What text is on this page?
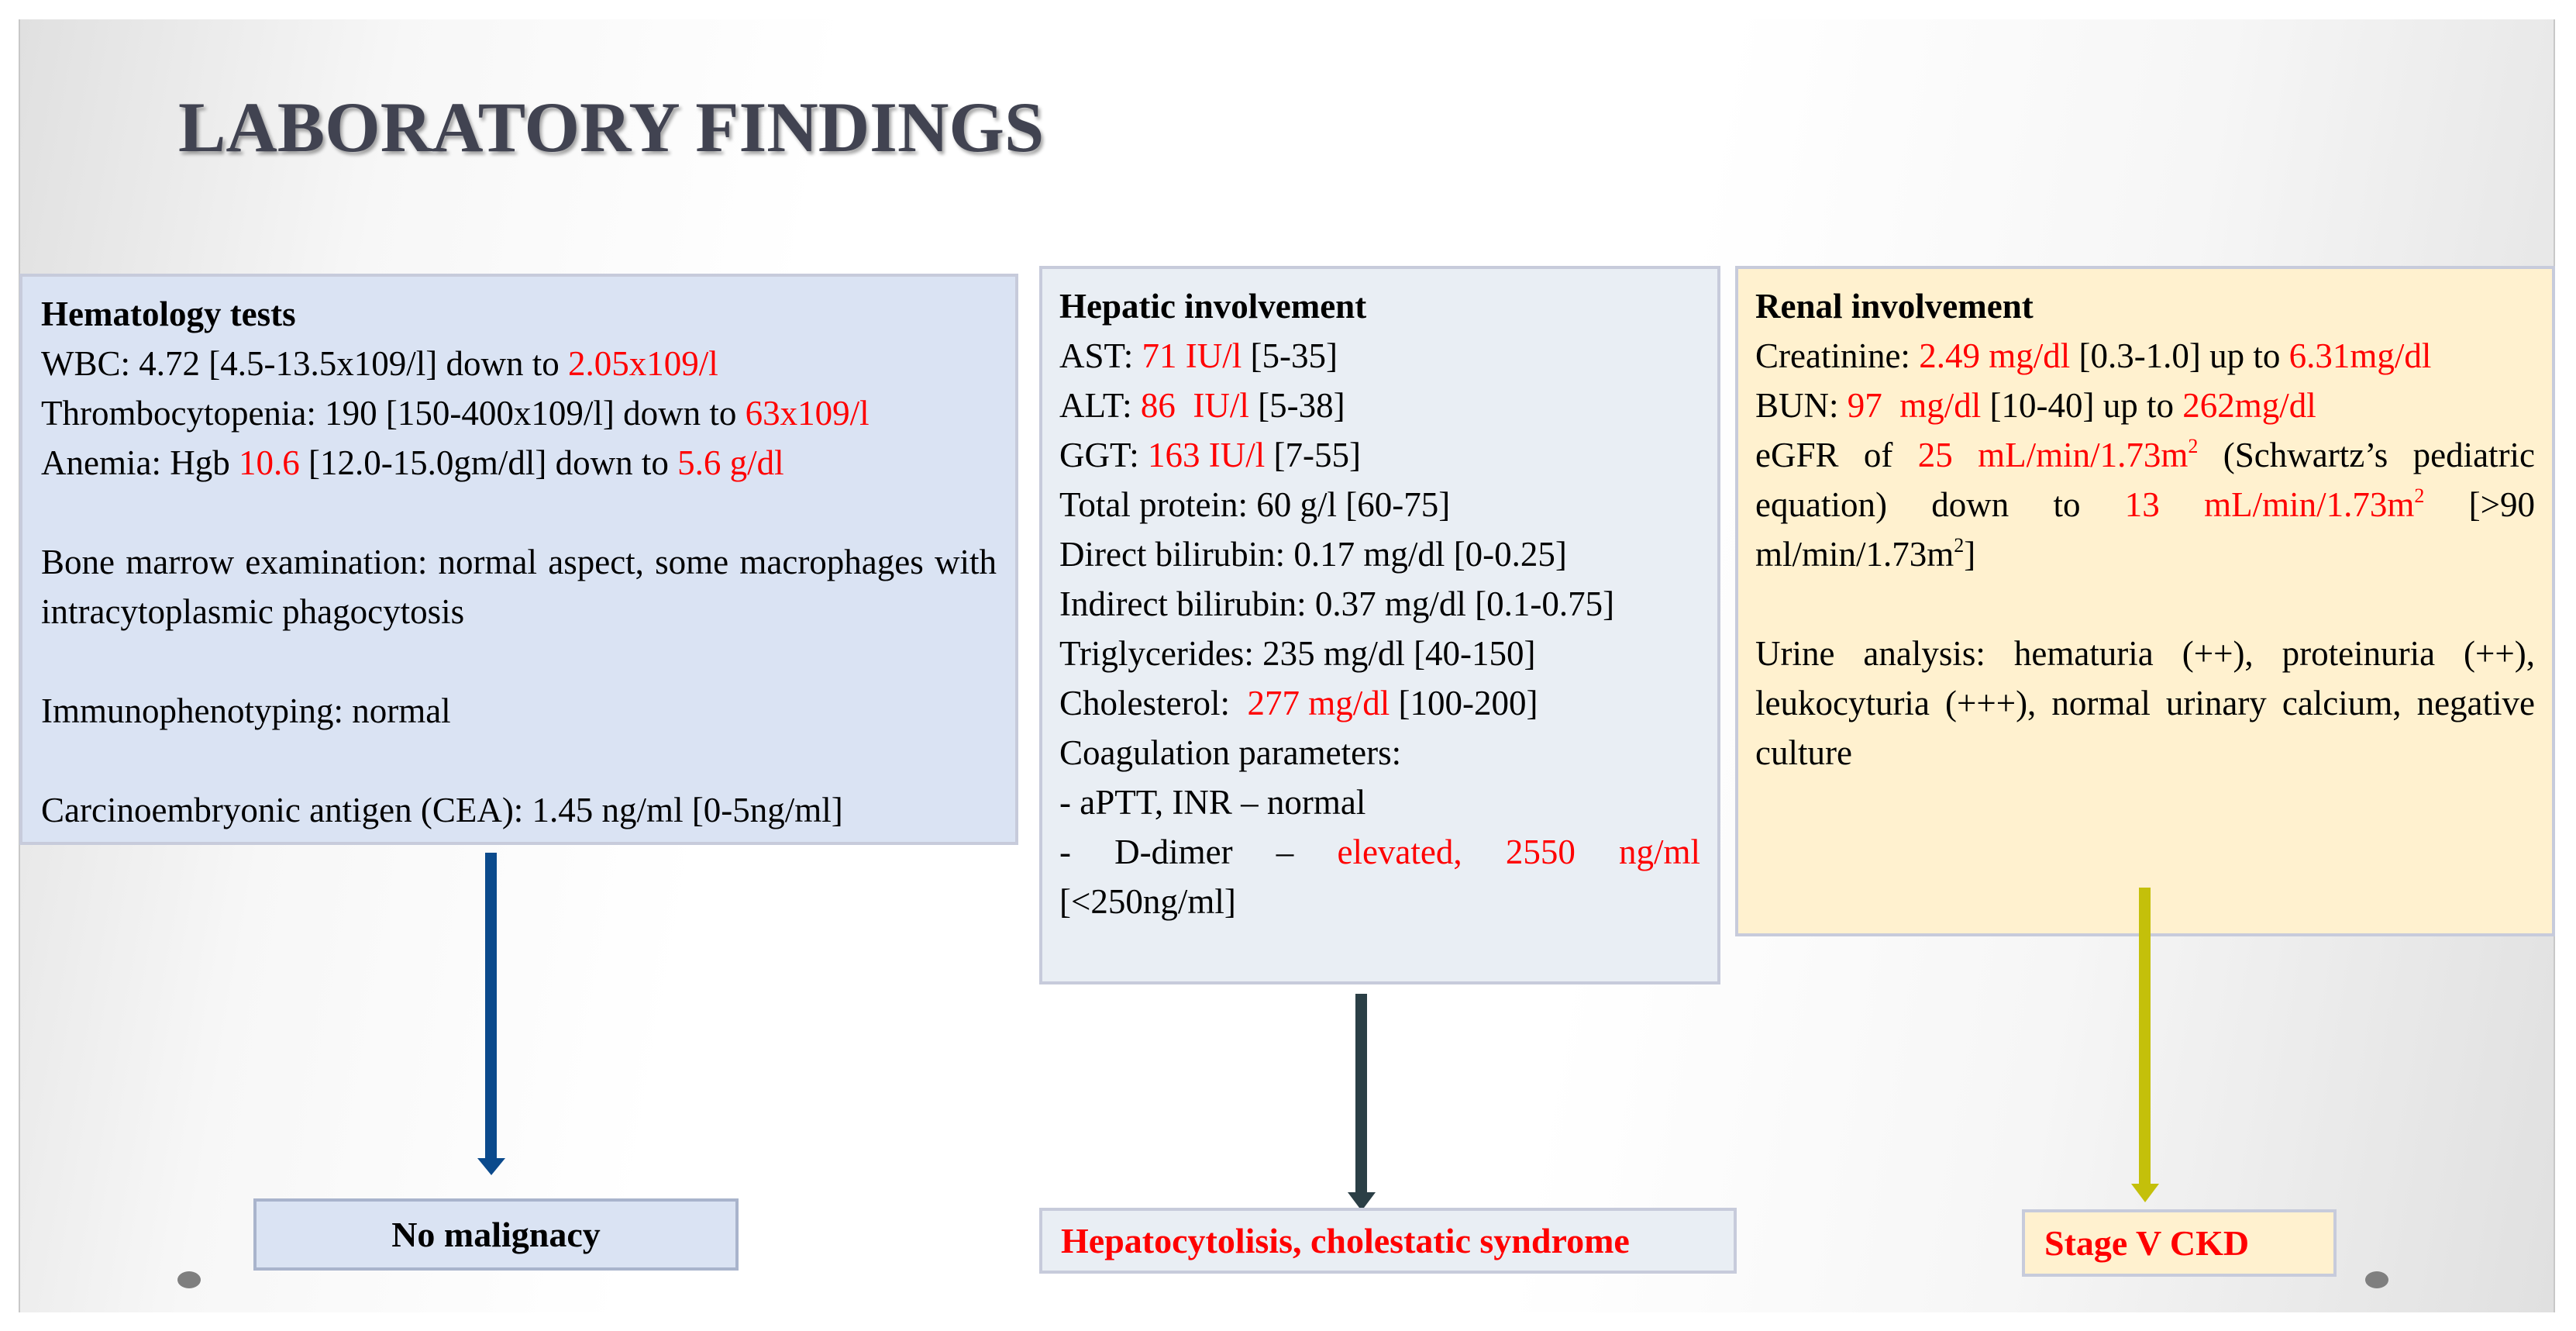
LABORATORY FINDINGS

Hematology tests

WBC: 4.72 [4.5-13.5x109/l] down to 2.05x109/l

Thrombocytopenia: 190 [150-400x109/l] down to 63x109/l

Anemia: Hgb 10.6 [12.0-15.0gm/dl] down to 5.6 g/dl

Bone marrow examination: normal aspect, some macrophages with intracytoplasmic phagocytosis

Immunophenotyping: normal

Carcinoembryonic antigen (CEA): 1.45 ng/ml [0-5ng/ml]

Hepatic involvement

AST: 71 IU/l [5-35]

ALT: 86  IU/l [5-38]

GGT: 163 IU/l [7-55]

Total protein: 60 g/l [60-75]

Direct bilirubin: 0.17 mg/dl [0-0.25]

Indirect bilirubin: 0.37 mg/dl [0.1-0.75]

Triglycerides: 235 mg/dl [40-150]

Cholesterol:  277 mg/dl [100-200]

Coagulation parameters:

- aPTT, INR – normal

- D-dimer – elevated, 2550 ng/ml [<250ng/ml]

Renal involvement

Creatinine: 2.49 mg/dl [0.3-1.0] up to 6.31mg/dl

BUN: 97  mg/dl [10-40] up to 262mg/dl

eGFR of 25 $mL/\min/1.73m^2$ (Schwartz’s pediatric equation) down to 13 $mL/\min/1.73m^2$ [>90 $ml/\min/1.73m^2$]

Urine analysis: hematuria (++), proteinuria (++), leukocyturia (+++), normal urinary calcium, negative culture

No malignacy	Hepatocytolisis, cholestatic syndrome	Stage V CKD
